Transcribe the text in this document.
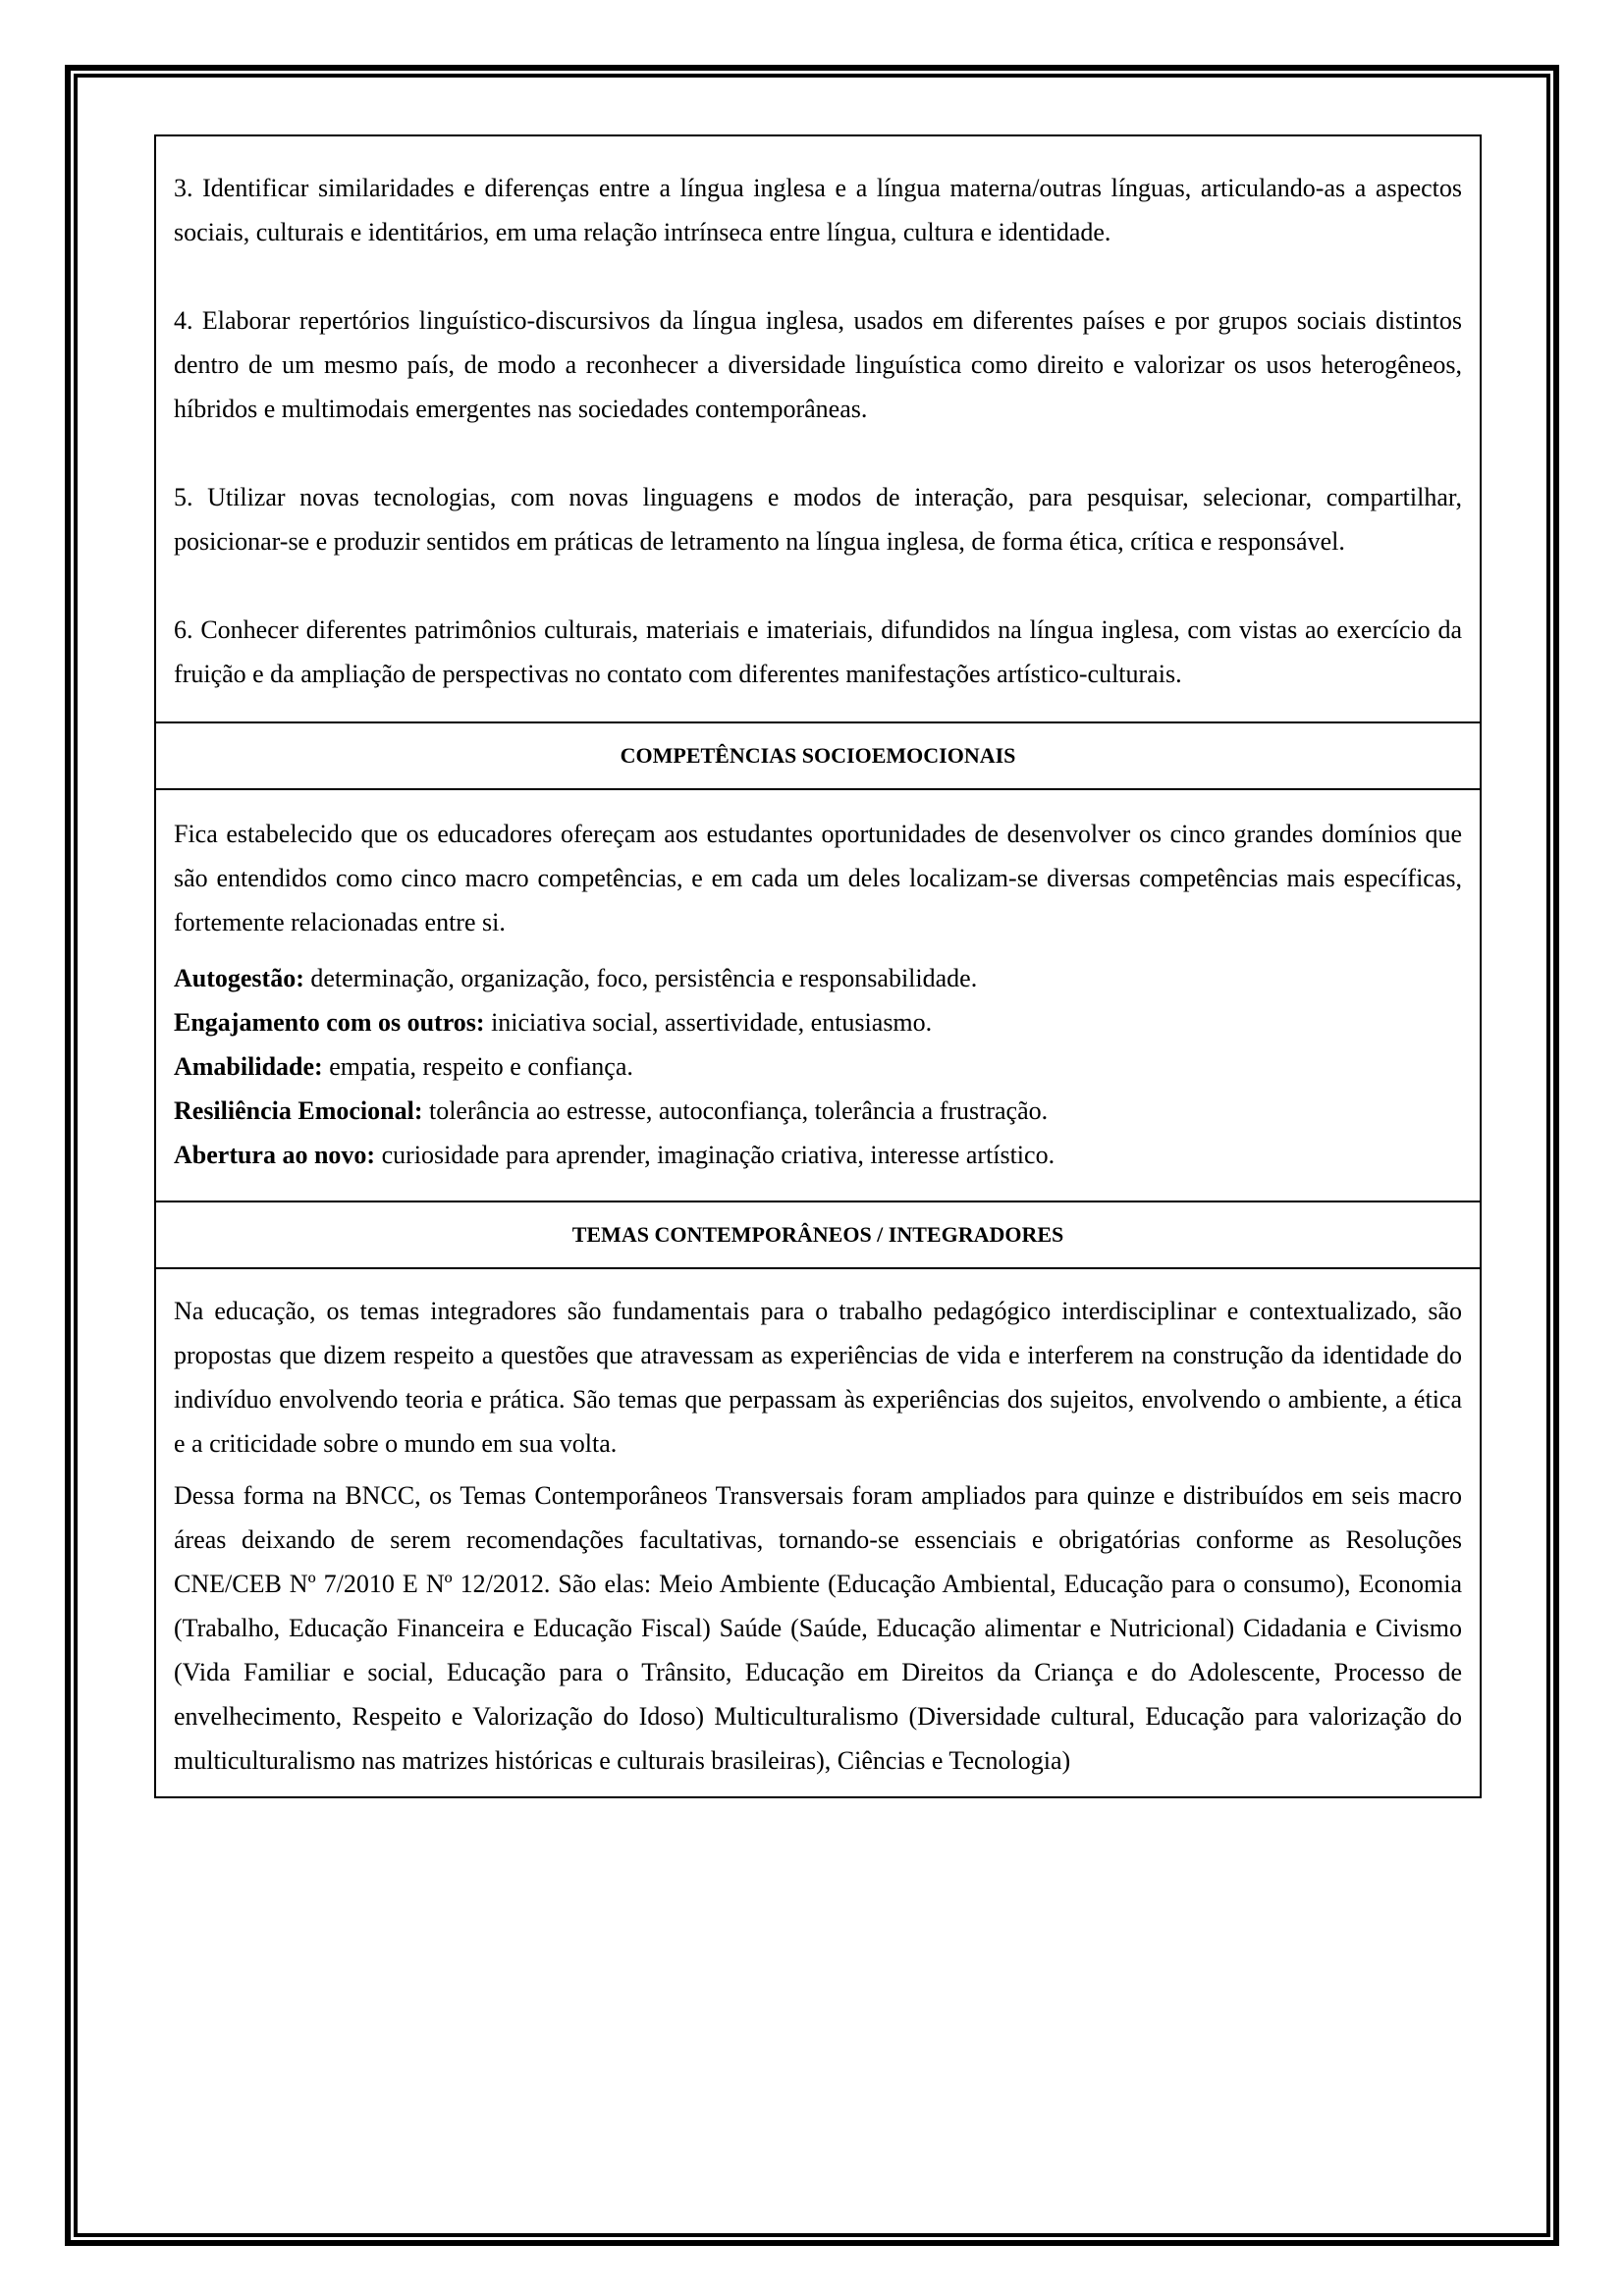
3. Identificar similaridades e diferenças entre a língua inglesa e a língua materna/outras línguas, articulando-as a aspectos sociais, culturais e identitários, em uma relação intrínseca entre língua, cultura e identidade.

4. Elaborar repertórios linguístico-discursivos da língua inglesa, usados em diferentes países e por grupos sociais distintos dentro de um mesmo país, de modo a reconhecer a diversidade linguística como direito e valorizar os usos heterogêneos, híbridos e multimodais emergentes nas sociedades contemporâneas.

5. Utilizar novas tecnologias, com novas linguagens e modos de interação, para pesquisar, selecionar, compartilhar, posicionar-se e produzir sentidos em práticas de letramento na língua inglesa, de forma ética, crítica e responsável.

6. Conhecer diferentes patrimônios culturais, materiais e imateriais, difundidos na língua inglesa, com vistas ao exercício da fruição e da ampliação de perspectivas no contato com diferentes manifestações artístico-culturais.

COMPETÊNCIAS SOCIOEMOCIONAIS

Fica estabelecido que os educadores ofereçam aos estudantes oportunidades de desenvolver os cinco grandes domínios que são entendidos como cinco macro competências, e em cada um deles localizam-se diversas competências mais específicas, fortemente relacionadas entre si.

Autogestão: determinação, organização, foco, persistência e responsabilidade.

Engajamento com os outros: iniciativa social, assertividade, entusiasmo.

Amabilidade: empatia, respeito e confiança.

Resiliência Emocional: tolerância ao estresse, autoconfiança, tolerância a frustração.

Abertura ao novo: curiosidade para aprender, imaginação criativa, interesse artístico.

TEMAS CONTEMPORÂNEOS / INTEGRADORES

Na educação, os temas integradores são fundamentais para o trabalho pedagógico interdisciplinar e contextualizado, são propostas que dizem respeito a questões que atravessam as experiências de vida e interferem na construção da identidade do indivíduo envolvendo teoria e prática. São temas que perpassam às experiências dos sujeitos, envolvendo o ambiente, a ética e a criticidade sobre o mundo em sua volta.

Dessa forma na BNCC, os Temas Contemporâneos Transversais foram ampliados para quinze e distribuídos em seis macro áreas deixando de serem recomendações facultativas, tornando-se essenciais e obrigatórias conforme as Resoluções CNE/CEB Nº 7/2010 E Nº 12/2012. São elas: Meio Ambiente (Educação Ambiental, Educação para o consumo), Economia (Trabalho, Educação Financeira e Educação Fiscal) Saúde (Saúde, Educação alimentar e Nutricional) Cidadania e Civismo (Vida Familiar e social, Educação para o Trânsito, Educação em Direitos da Criança e do Adolescente, Processo de envelhecimento, Respeito e Valorização do Idoso) Multiculturalismo (Diversidade cultural, Educação para valorização do multiculturalismo nas matrizes históricas e culturais brasileiras), Ciências e Tecnologia)
